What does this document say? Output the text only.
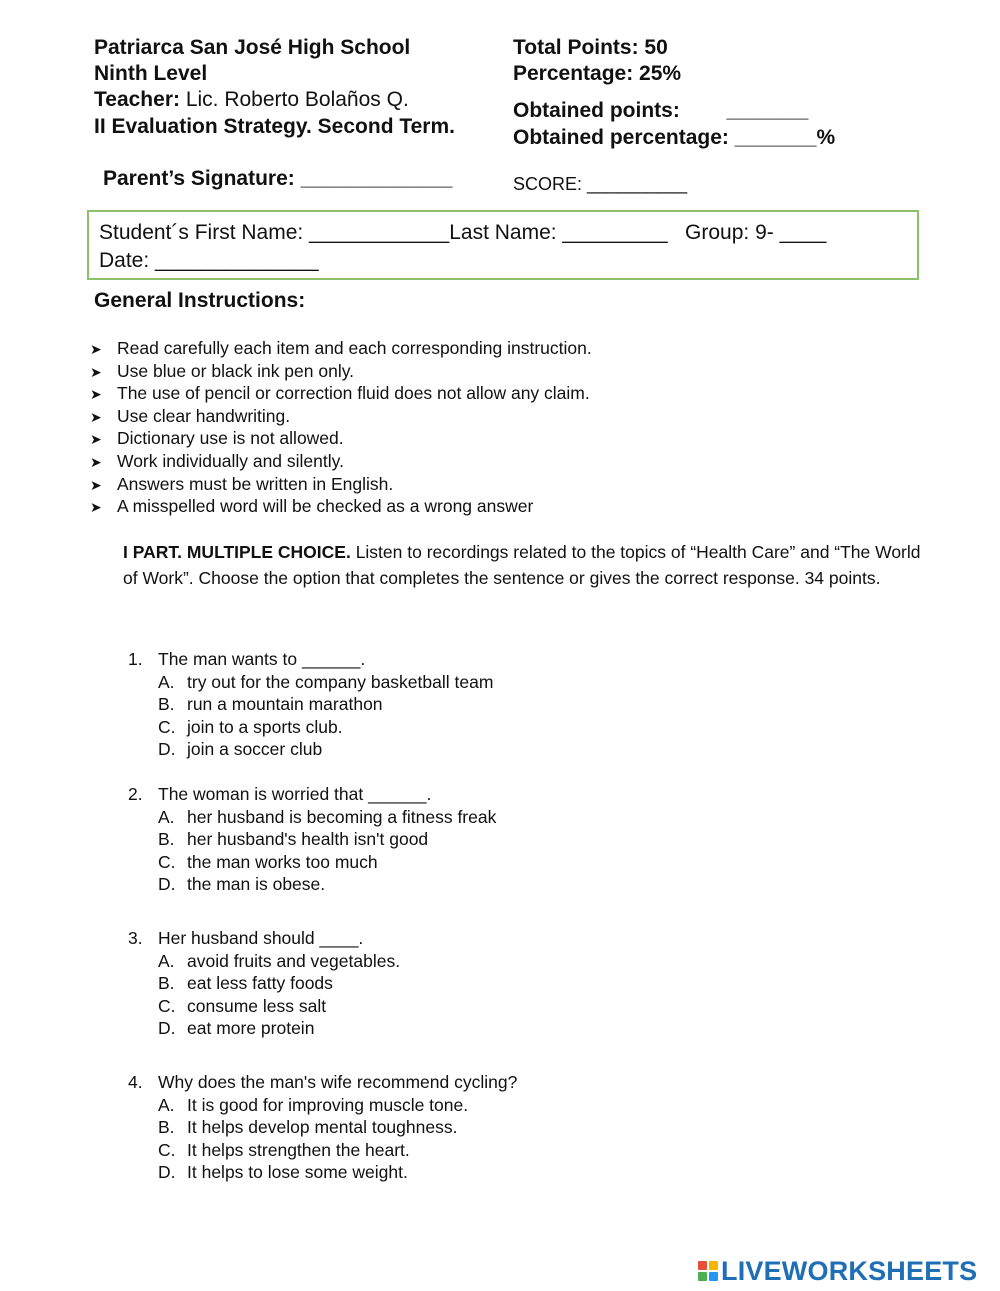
Patriarca San José High School
Ninth Level
Teacher: Lic. Roberto Bolaños Q.
II Evaluation Strategy. Second Term.
Parent’s Signature: _____________
Total Points: 50
Percentage: 25%
Obtained points:        _______
Obtained percentage: _______%
SCORE: __________
Student´s First Name: ____________Last Name: _________   Group: 9- ____
Date: ______________
General Instructions:
➤ Read carefully each item and each corresponding instruction.
➤ Use blue or black ink pen only.
➤ The use of pencil or correction fluid does not allow any claim.
➤ Use clear handwriting.
➤ Dictionary use is not allowed.
➤ Work individually and silently.
➤ Answers must be written in English.
➤ A misspelled word will be checked as a wrong answer
I PART. MULTIPLE CHOICE. Listen to recordings related to the topics of “Health Care” and “The World of Work”. Choose the option that completes the sentence or gives the correct response. 34 points.
1. The man wants to ______.
A. try out for the company basketball team
B. run a mountain marathon
C. join to a sports club.
D. join a soccer club
2. The woman is worried that ______.
A. her husband is becoming a fitness freak
B. her husband's health isn't good
C. the man works too much
D. the man is obese.
3. Her husband should ____.
A. avoid fruits and vegetables.
B. eat less fatty foods
C. consume less salt
D. eat more protein
4. Why does the man's wife recommend cycling?
A. It is good for improving muscle tone.
B. It helps develop mental toughness.
C. It helps strengthen the heart.
D. It helps to lose some weight.
LIVEWORKSHEETS
